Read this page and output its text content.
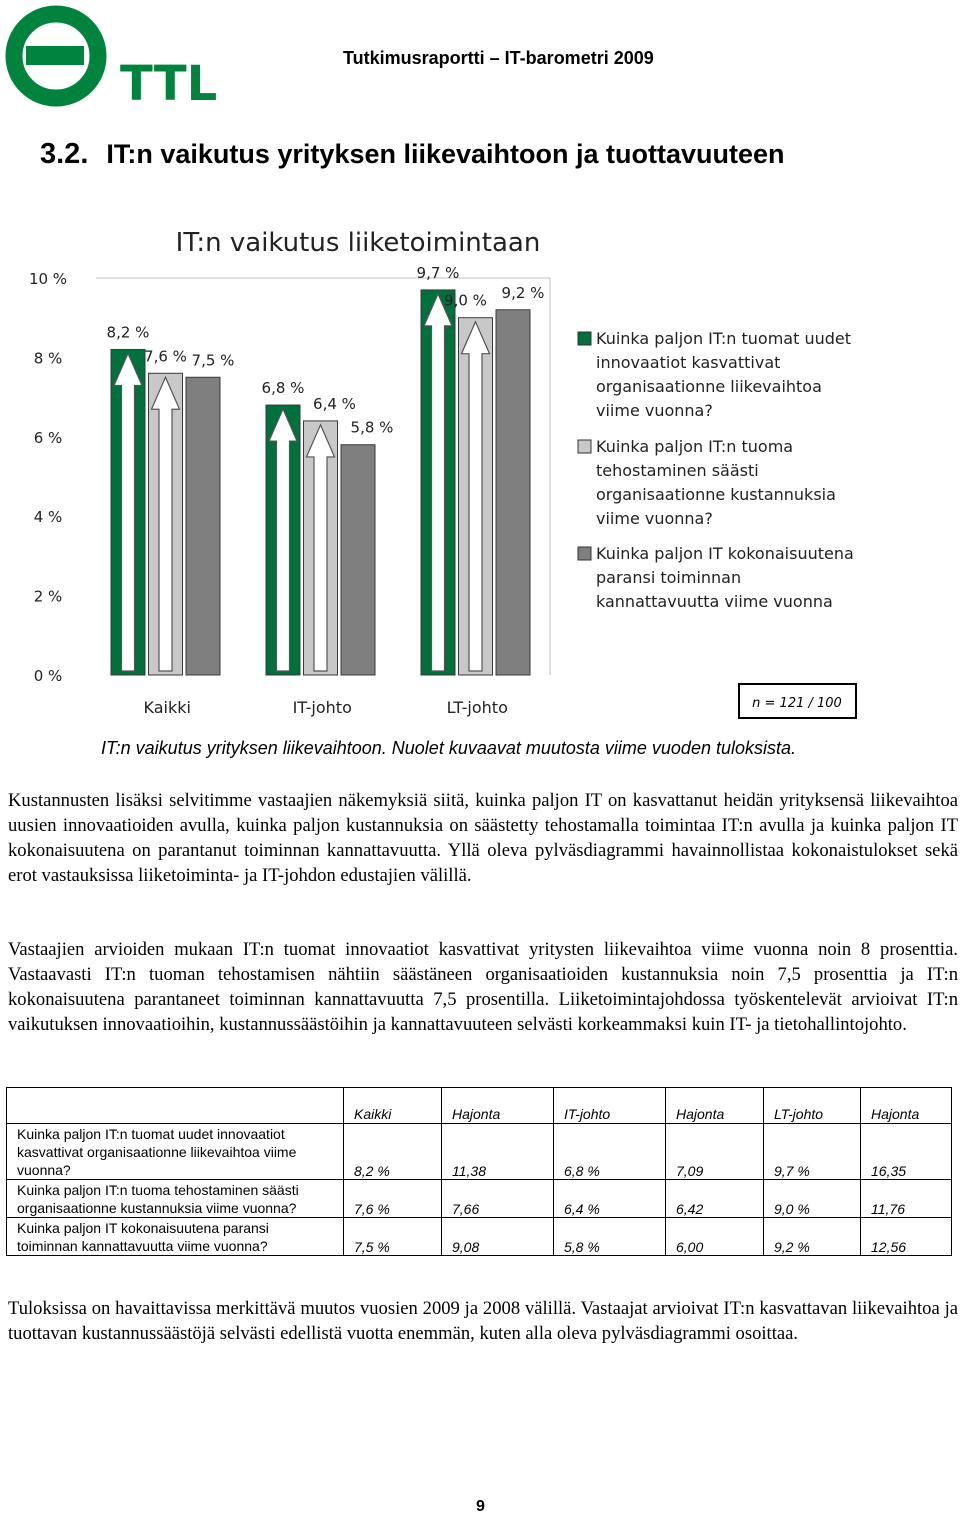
TTL	Tutkimusraportti – IT-barometri 2009
3.2. IT:n vaikutus yrityksen liikevaihtoon ja tuottavuuteen
IT:n vaikutus liiketoimintaan
0 %
2 %
4 %
6 %
8 %
10 %
8,2 %
7,6 % 7,5 %
6,8 %
6,4 %
5,8 %
9,7 %
9,0 % 9,2 %
Kaikki	IT-johto	LT-johto
Kuinka paljon IT:n tuomat uudet innovaatiot kasvattivat organisaationne liikevaihtoa viime vuonna?
Kuinka paljon IT:n tuoma tehostaminen säästi organisaationne kustannuksia viime vuonna?
Kuinka paljon IT kokonaisuutena paransi toiminnan kannattavuutta viime vuonna
n = 121 / 100
IT:n vaikutus yrityksen liikevaihtoon. Nuolet kuvaavat muutosta viime vuoden tuloksista.

Kustannusten lisäksi selvitimme vastaajien näkemyksiä siitä, kuinka paljon IT on kasvattanut heidän yrityksensä liikevaihtoa uusien innovaatioiden avulla, kuinka paljon kustannuksia on säästetty tehostamalla toimintaa IT:n avulla ja kuinka paljon IT kokonaisuutena on parantanut toiminnan kannattavuutta. Yllä oleva pylväsdiagrammi havainnollistaa kokonaistulokset sekä erot vastauksissa liiketoiminta- ja IT-johdon edustajien välillä.

Vastaajien arvioiden mukaan IT:n tuomat innovaatiot kasvattivat yritysten liikevaihtoa viime vuonna noin 8 prosenttia. Vastaavasti IT:n tuoman tehostamisen nähtiin säästäneen organisaatioiden kustannuksia noin 7,5 prosenttia ja IT:n kokonaisuutena parantaneet toiminnan kannattavuutta 7,5 prosentilla. Liiketoimintajohdossa työskentelevät arvioivat IT:n vaikutuksen innovaatioihin, kustannussäästöihin ja kannattavuuteen selvästi korkeammaksi kuin IT- ja tietohallintojohto.

	Kaikki	Hajonta	IT-johto	Hajonta	LT-johto	Hajonta
Kuinka paljon IT:n tuomat uudet innovaatiot kasvattivat organisaationne liikevaihtoa viime vuonna?	8,2 %	11,38	6,8 %	7,09	9,7 %	16,35
Kuinka paljon IT:n tuoma tehostaminen säästi organisaationne kustannuksia viime vuonna?	7,6 %	7,66	6,4 %	6,42	9,0 %	11,76
Kuinka paljon IT kokonaisuutena paransi toiminnan kannattavuutta viime vuonna?	7,5 %	9,08	5,8 %	6,00	9,2 %	12,56

Tuloksissa on havaittavissa merkittävä muutos vuosien 2009 ja 2008 välillä. Vastaajat arvioivat IT:n kasvattavan liikevaihtoa ja tuottavan kustannussäästöjä selvästi edellistä vuotta enemmän, kuten alla oleva pylväsdiagrammi osoittaa.

9
